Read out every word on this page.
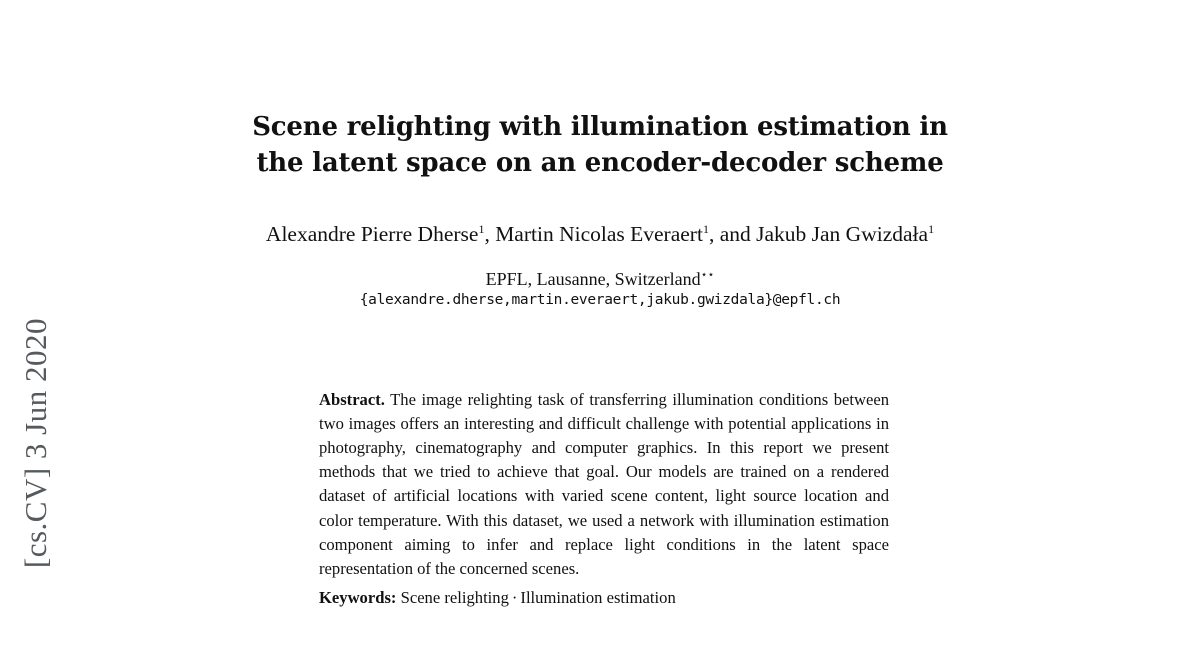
[cs.CV] 3 Jun 2020
Scene relighting with illumination estimation in the latent space on an encoder-decoder scheme
Alexandre Pierre Dherse$^1$, Martin Nicolas Everaert$^1$, and Jakub Jan Gwizdała$^1$
EPFL, Lausanne, Switzerland⋆⋆
{alexandre.dherse,martin.everaert,jakub.gwizdala}@epfl.ch

Abstract. The image relighting task of transferring illumination conditions between two images offers an interesting and difficult challenge with potential applications in photography, cinematography and computer graphics. In this report we present methods that we tried to achieve that goal. Our models are trained on a rendered dataset of artificial locations with varied scene content, light source location and color temperature. With this dataset, we used a network with illumination estimation component aiming to infer and replace light conditions in the latent space representation of the concerned scenes.

Keywords: Scene relighting · Illumination estimation
